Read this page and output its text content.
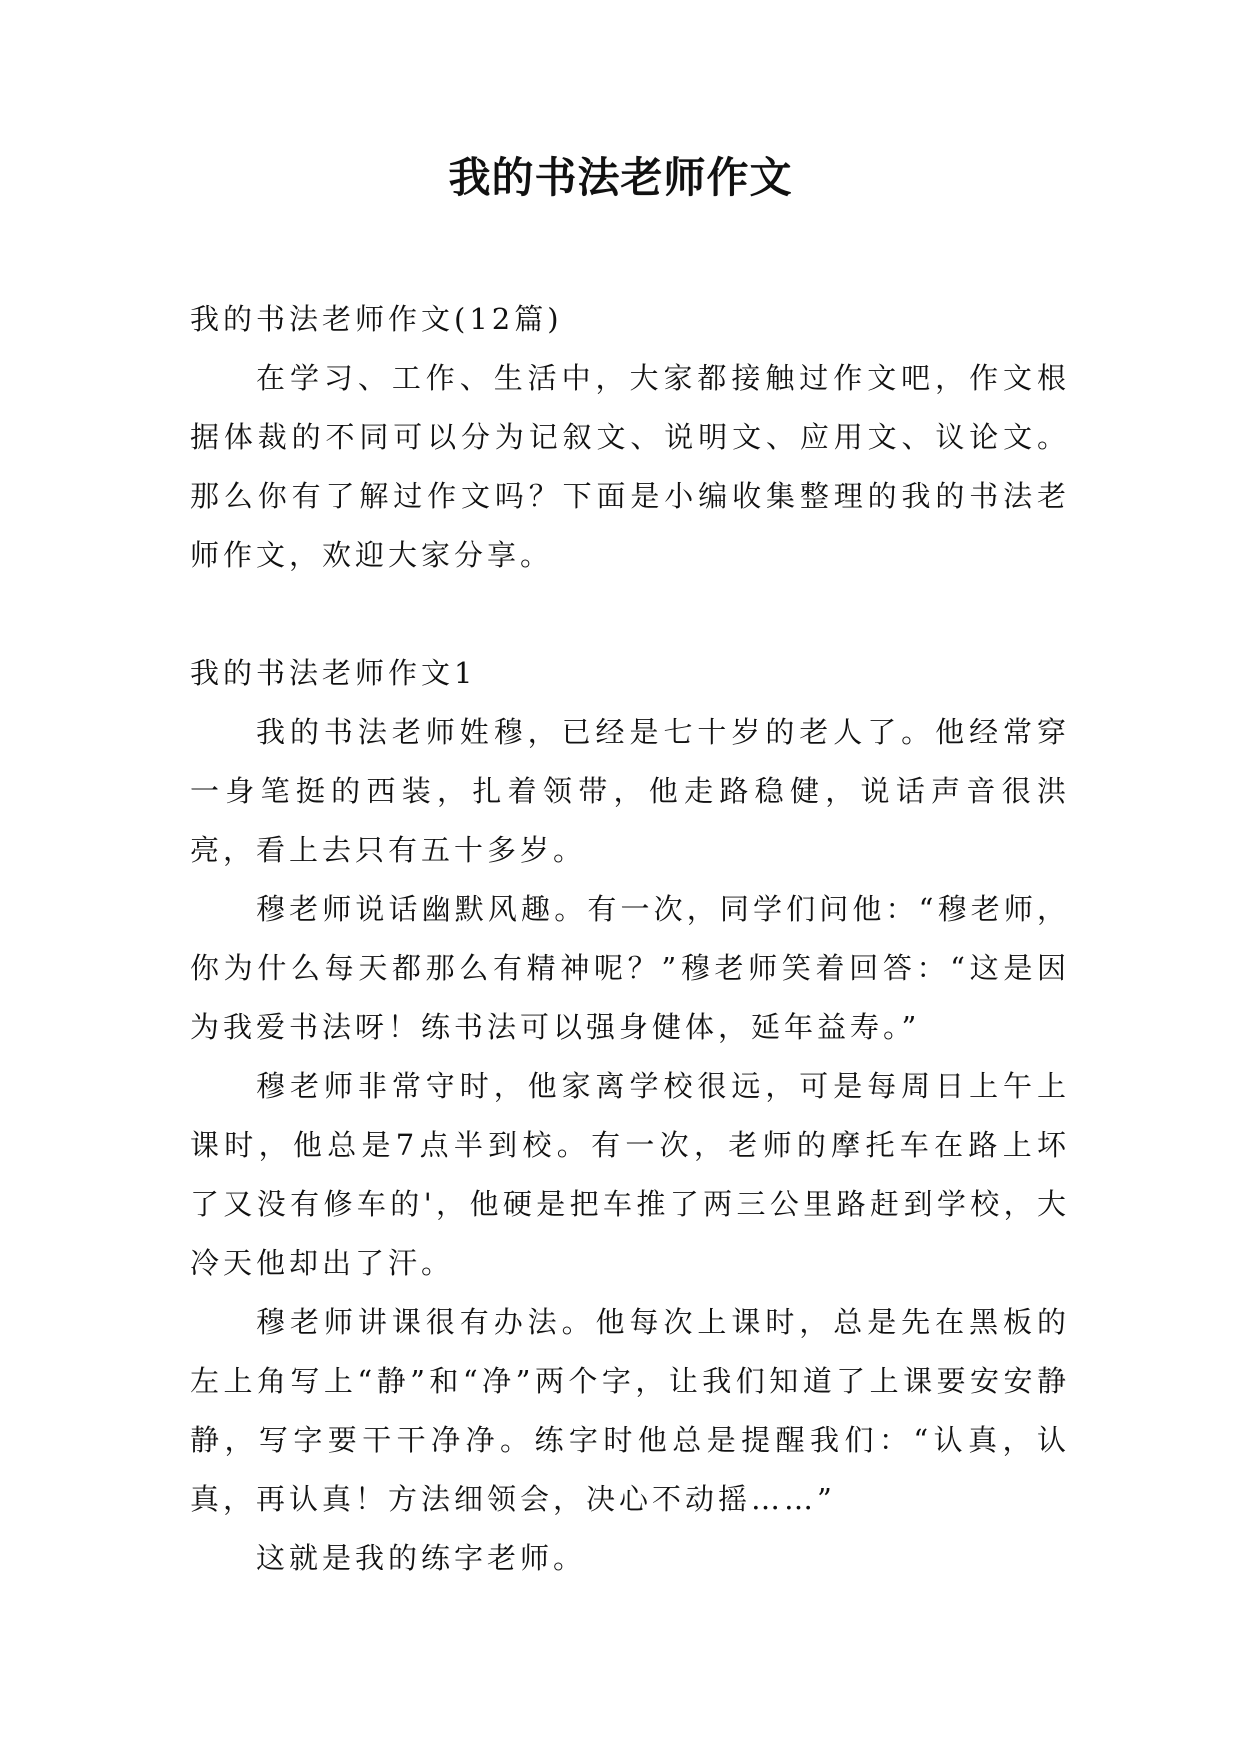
我的书法老师作文

我的书法老师作文(12篇)

在学习、工作、生活中，大家都接触过作文吧，作文根据体裁的不同可以分为记叙文、说明文、应用文、议论文。那么你有了解过作文吗？下面是小编收集整理的我的书法老师作文，欢迎大家分享。

我的书法老师作文1

我的书法老师姓穆，已经是七十岁的老人了。他经常穿一身笔挺的西装，扎着领带，他走路稳健，说话声音很洪亮，看上去只有五十多岁。

穆老师说话幽默风趣。有一次，同学们问他：“穆老师，你为什么每天都那么有精神呢？”穆老师笑着回答：“这是因为我爱书法呀！练书法可以强身健体，延年益寿。”

穆老师非常守时，他家离学校很远，可是每周日上午上课时，他总是7点半到校。有一次，老师的摩托车在路上坏了又没有修车的'，他硬是把车推了两三公里路赶到学校，大冷天他却出了汗。

穆老师讲课很有办法。他每次上课时，总是先在黑板的左上角写上“静”和“净”两个字，让我们知道了上课要安安静静，写字要干干净净。练字时他总是提醒我们：“认真，认真，再认真！方法细领会，决心不动摇……”

这就是我的练字老师。
